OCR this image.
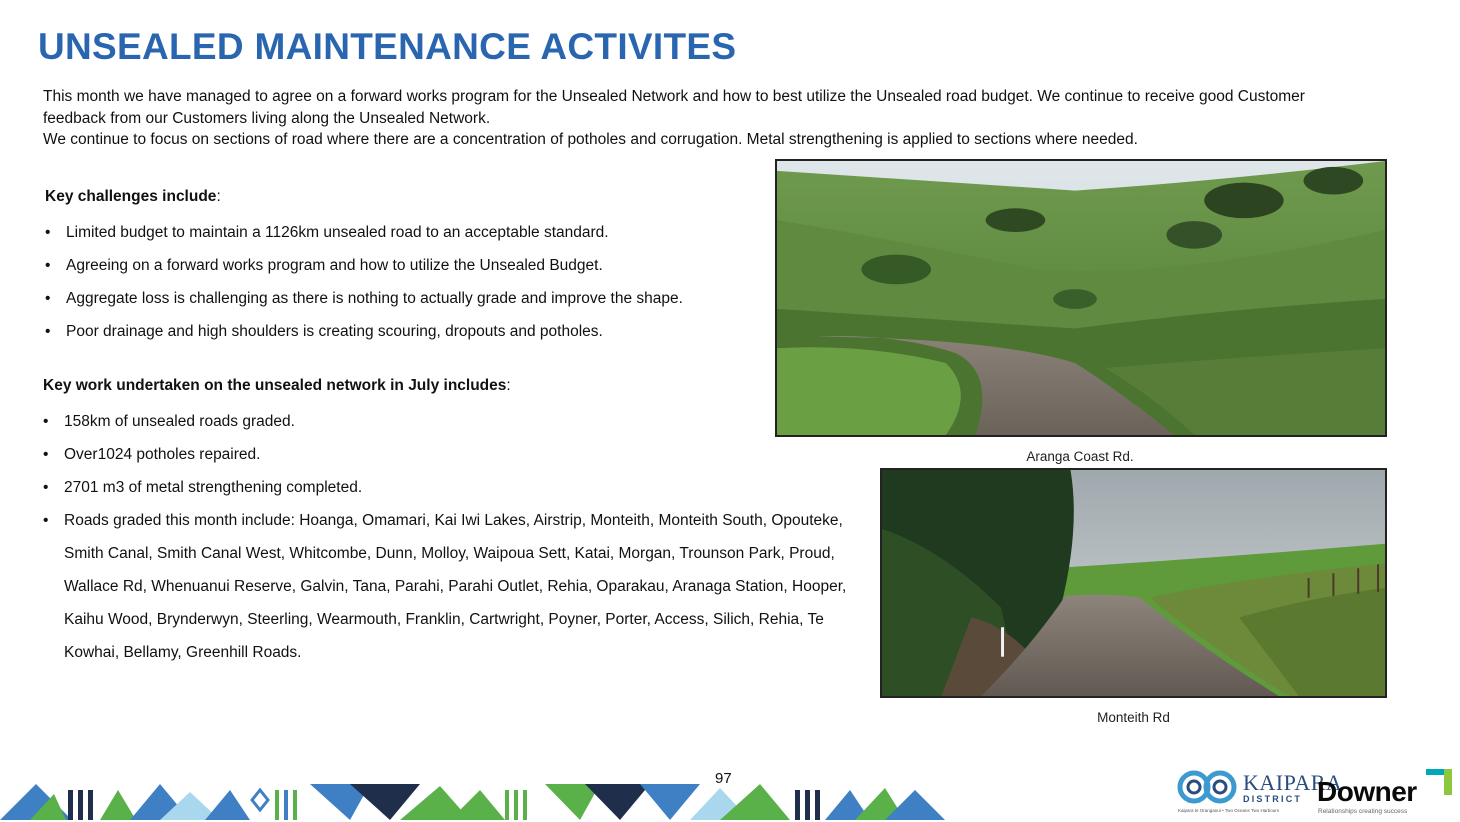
UNSEALED MAINTENANCE ACTIVITES

This month we have managed to agree on a forward works program for the Unsealed Network and how to best utilize the Unsealed road budget. We continue to receive good Customer feedback from our Customers living along the Unsealed Network.

We continue to focus on sections of road where there are a concentration of potholes and corrugation. Metal strengthening is applied to sections where needed.

Key challenges include:
• Limited budget to maintain a 1126km unsealed road to an acceptable standard.
• Agreeing on a forward works program and how to utilize the Unsealed Budget.
• Aggregate loss is challenging as there is nothing to actually grade and improve the shape.
• Poor drainage and high shoulders is creating scouring, dropouts and potholes.
Key work undertaken on the unsealed network in July includes:
• 158km of unsealed roads graded.
• Over1024 potholes repaired.
• 2701 m3 of metal strengthening completed.
• Roads graded this month include: Hoanga, Omamari, Kai Iwi Lakes, Airstrip, Monteith, Monteith South, Opouteke, Smith Canal, Smith Canal West, Whitcombe, Dunn, Molloy, Waipoua Sett, Katai, Morgan, Trounson Park, Proud, Wallace Rd, Whenuanui Reserve, Galvin, Tana, Parahi, Parahi Outlet, Rehia, Oparakau, Aranaga Station, Hooper, Kaihu Wood, Brynderwyn, Steerling, Wearmouth, Franklin, Cartwright, Poyner, Porter, Access, Silich, Rehia, Te Kowhai, Bellamy, Greenhill Roads.
Aranga Coast Rd.
Monteith Rd
97	KAIPARA
DISTRICT
Kaipara te Oranganui • Two Oceans Two Harbours
Downer
Relationships creating success
